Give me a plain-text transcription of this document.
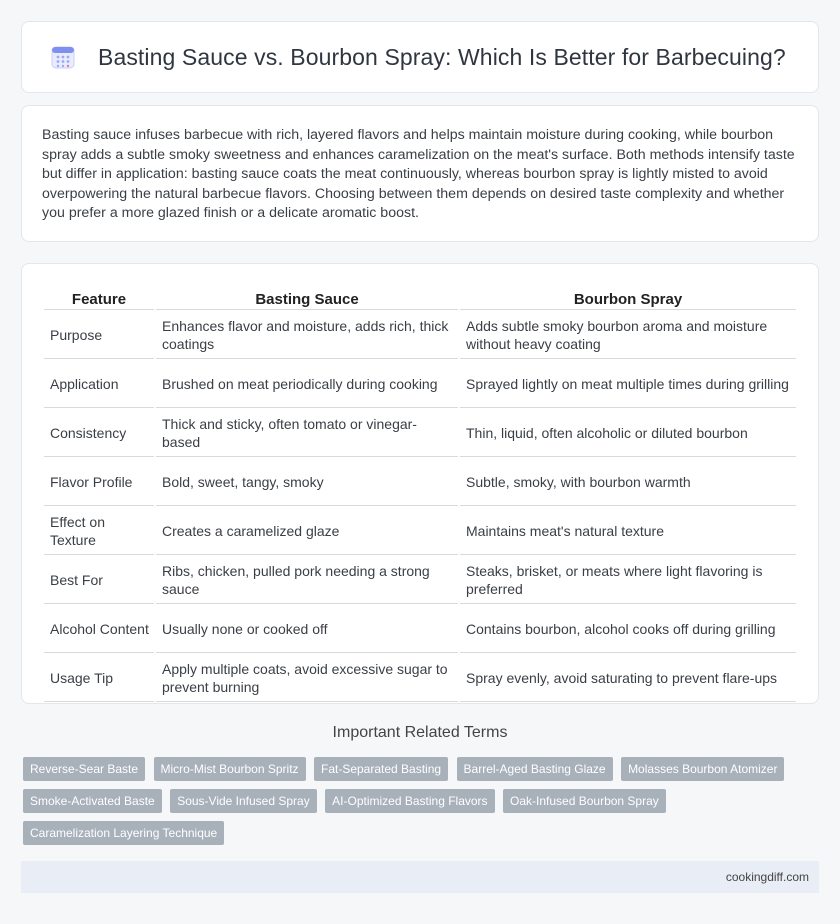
Basting Sauce vs. Bourbon Spray: Which Is Better for Barbecuing?

Basting sauce infuses barbecue with rich, layered flavors and helps maintain moisture during cooking, while bourbon spray adds a subtle smoky sweetness and enhances caramelization on the meat's surface. Both methods intensify taste but differ in application: basting sauce coats the meat continuously, whereas bourbon spray is lightly misted to avoid overpowering the natural barbecue flavors. Choosing between them depends on desired taste complexity and whether you prefer a more glazed finish or a delicate aromatic boost.

Feature	Basting Sauce	Bourbon Spray
Purpose	Enhances flavor and moisture, adds rich, thick coatings	Adds subtle smoky bourbon aroma and moisture without heavy coating
Application	Brushed on meat periodically during cooking	Sprayed lightly on meat multiple times during grilling
Consistency	Thick and sticky, often tomato or vinegar-based	Thin, liquid, often alcoholic or diluted bourbon
Flavor Profile	Bold, sweet, tangy, smoky	Subtle, smoky, with bourbon warmth
Effect on Texture	Creates a caramelized glaze	Maintains meat's natural texture
Best For	Ribs, chicken, pulled pork needing a strong sauce	Steaks, brisket, or meats where light flavoring is preferred
Alcohol Content	Usually none or cooked off	Contains bourbon, alcohol cooks off during grilling
Usage Tip	Apply multiple coats, avoid excessive sugar to prevent burning	Spray evenly, avoid saturating to prevent flare-ups
Important Related Terms
Reverse-Sear Baste Micro-Mist Bourbon Spritz Fat-Separated Basting Barrel-Aged Basting Glaze Molasses Bourbon Atomizer Smoke-Activated Baste Sous-Vide Infused Spray AI-Optimized Basting Flavors Oak-Infused Bourbon Spray Caramelization Layering Technique
cookingdiff.com
